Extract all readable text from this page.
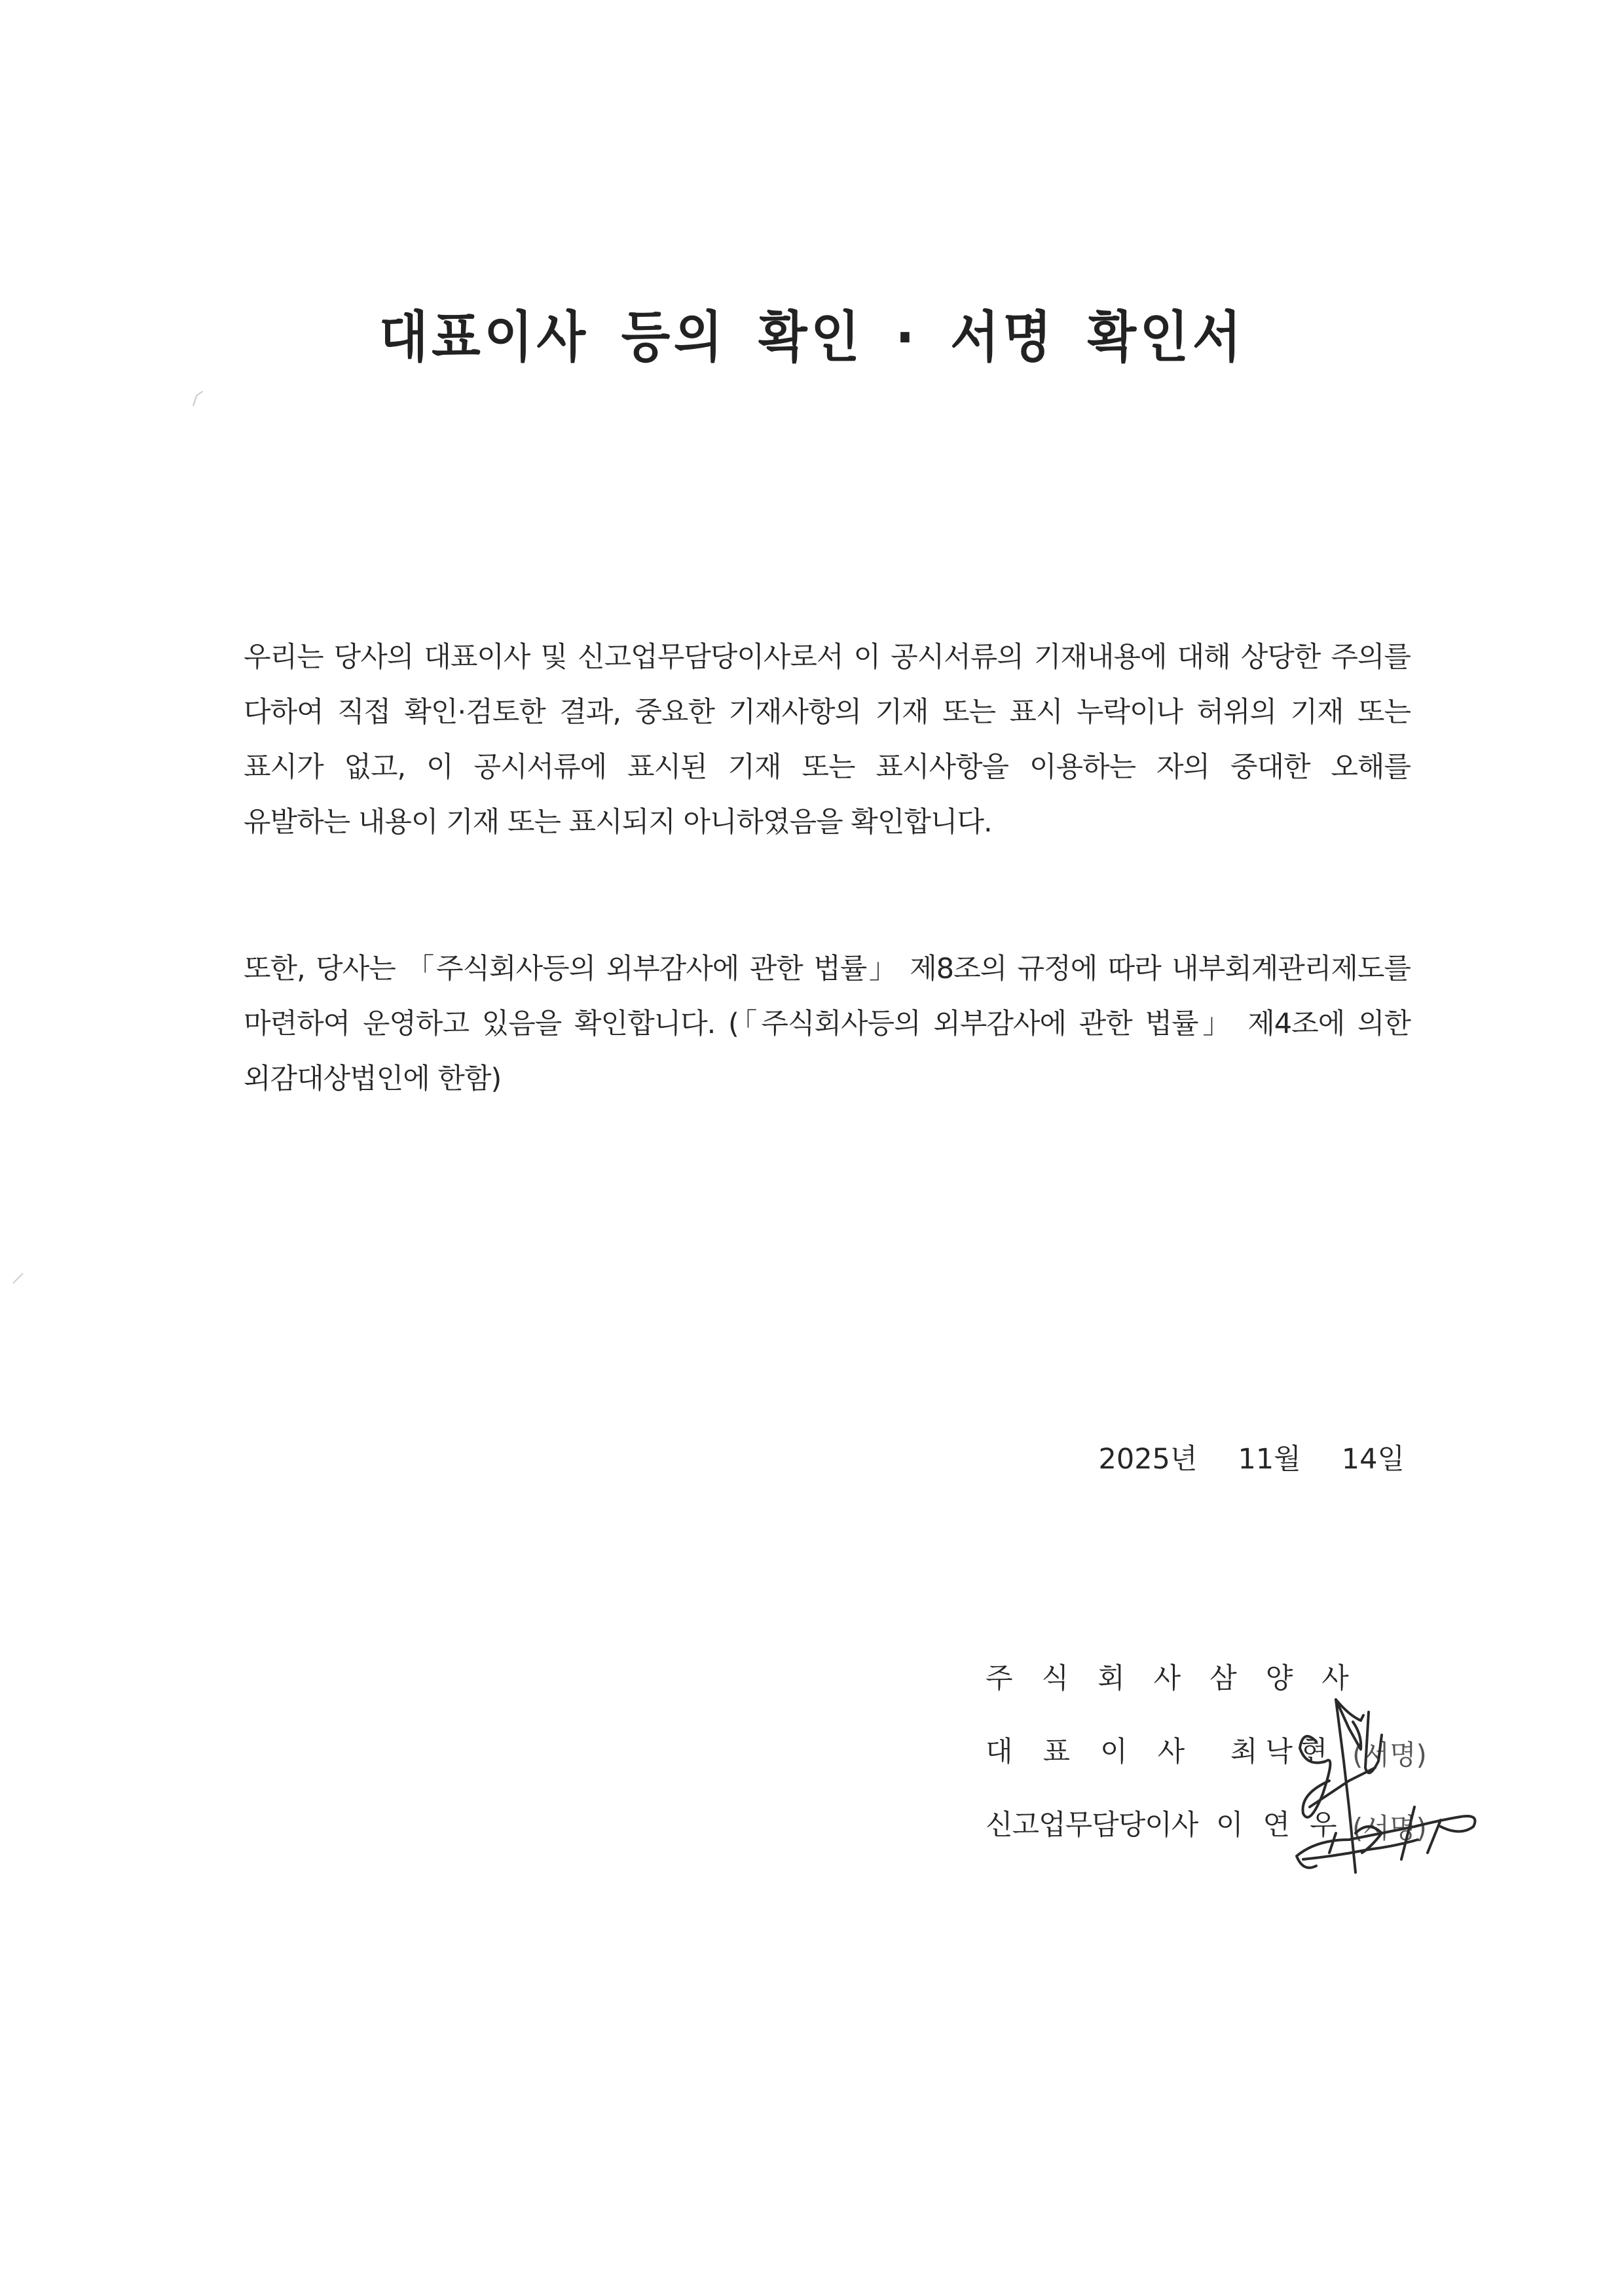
대표이사 등의 확인 · 서명 확인서
우리는 당사의 대표이사 및 신고업무담당이사로서 이 공시서류의 기재내용에 대해 상당한 주의를
다하여 직접 확인·검토한 결과, 중요한 기재사항의 기재 또는 표시 누락이나 허위의 기재 또는
표시가 없고, 이 공시서류에 표시된 기재 또는 표시사항을 이용하는 자의 중대한 오해를
유발하는 내용이 기재 또는 표시되지 아니하였음을 확인합니다.
또한, 당사는 「주식회사등의 외부감사에 관한 법률」 제8조의 규정에 따라 내부회계관리제도를
마련하여 운영하고 있음을 확인합니다. (「주식회사등의 외부감사에 관한 법률」 제4조에 의한
외감대상법인에 한함)
2025년 11월 14일
주식회사삼양사
대표이사 최낙현 (서명)
신고업무담당이사 이연우
(서명)
